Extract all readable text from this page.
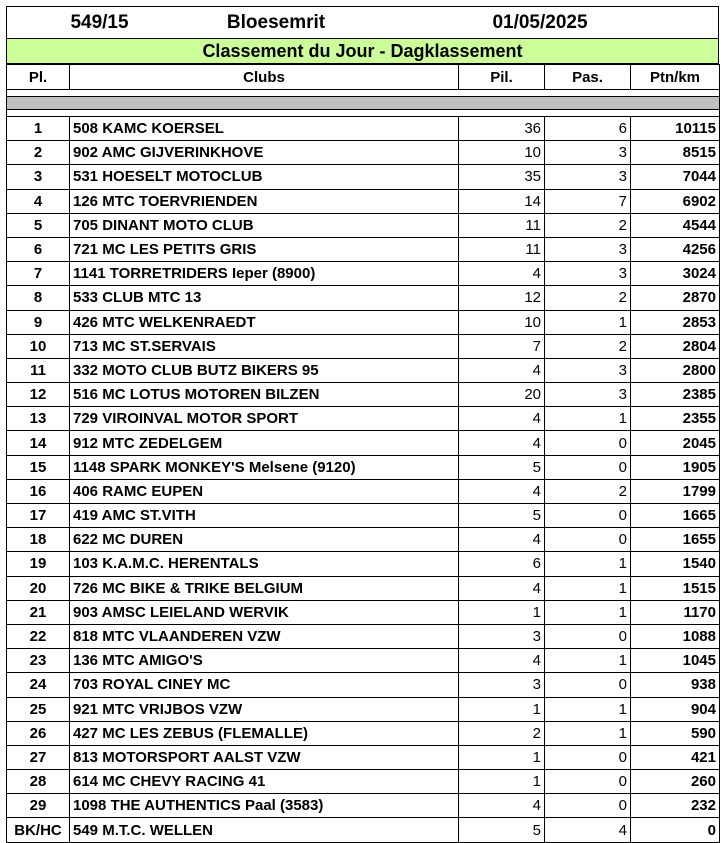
549/15	Bloesemrit	01/05/2025
Classement du Jour - Dagklassement
Pl.	Clubs	Pil.	Pas.	Ptn/km

1	508 KAMC KOERSEL	36	6	10115
2	902 AMC GIJVERINKHOVE	10	3	8515
3	531 HOESELT MOTOCLUB	35	3	7044
4	126 MTC TOERVRIENDEN	14	7	6902
5	705 DINANT MOTO CLUB	11	2	4544
6	721 MC LES PETITS GRIS	11	3	4256
7	1141 TORRETRIDERS Ieper (8900)	4	3	3024
8	533 CLUB MTC 13	12	2	2870
9	426 MTC WELKENRAEDT	10	1	2853
10	713 MC ST.SERVAIS	7	2	2804
11	332 MOTO CLUB BUTZ BIKERS 95	4	3	2800
12	516 MC LOTUS MOTOREN BILZEN	20	3	2385
13	729 VIROINVAL MOTOR SPORT	4	1	2355
14	912 MTC ZEDELGEM	4	0	2045
15	1148 SPARK MONKEY'S Melsene (9120)	5	0	1905
16	406 RAMC EUPEN	4	2	1799
17	419 AMC ST.VITH	5	0	1665
18	622 MC DUREN	4	0	1655
19	103 K.A.M.C. HERENTALS	6	1	1540
20	726 MC BIKE & TRIKE BELGIUM	4	1	1515
21	903 AMSC LEIELAND WERVIK	1	1	1170
22	818 MTC VLAANDEREN VZW	3	0	1088
23	136 MTC AMIGO'S	4	1	1045
24	703 ROYAL CINEY MC	3	0	938
25	921 MTC VRIJBOS VZW	1	1	904
26	427 MC LES ZEBUS (FLEMALLE)	2	1	590
27	813 MOTORSPORT AALST VZW	1	0	421
28	614 MC CHEVY RACING 41	1	0	260
29	1098 THE AUTHENTICS Paal (3583)	4	0	232
BK/HC	549 M.T.C. WELLEN	5	4	0
